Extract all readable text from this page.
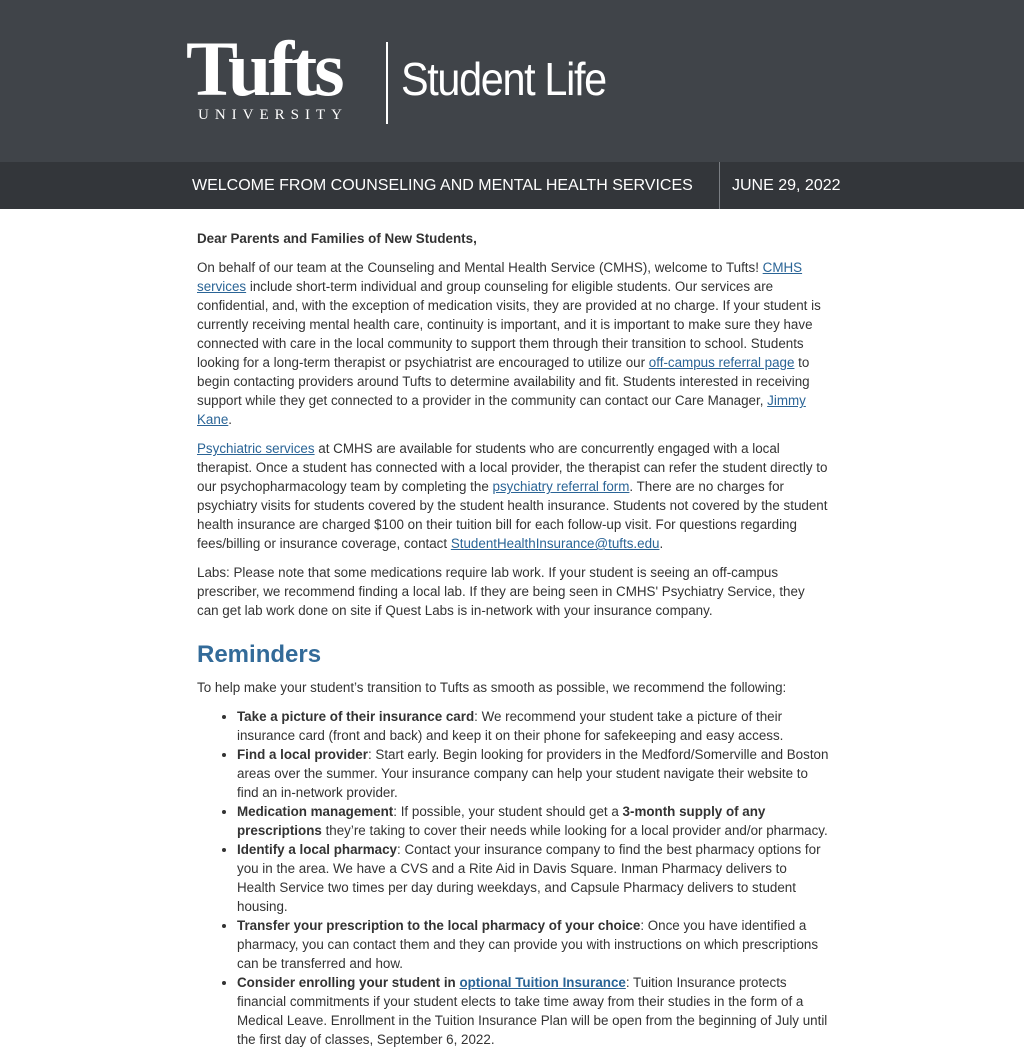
Tufts
UNIVERSITY
Student Life
WELCOME FROM COUNSELING AND MENTAL HEALTH SERVICES JUNE 29, 2022

Dear Parents and Families of New Students,

On behalf of our team at the Counseling and Mental Health Service (CMHS), welcome to Tufts! CMHS services include short-term individual and group counseling for eligible students. Our services are confidential, and, with the exception of medication visits, they are provided at no charge. If your student is currently receiving mental health care, continuity is important, and it is important to make sure they have connected with care in the local community to support them through their transition to school. Students looking for a long-term therapist or psychiatrist are encouraged to utilize our off-campus referral page to begin contacting providers around Tufts to determine availability and fit. Students interested in receiving support while they get connected to a provider in the community can contact our Care Manager, Jimmy Kane.

Psychiatric services at CMHS are available for students who are concurrently engaged with a local therapist. Once a student has connected with a local provider, the therapist can refer the student directly to our psychopharmacology team by completing the psychiatry referral form. There are no charges for psychiatry visits for students covered by the student health insurance. Students not covered by the student health insurance are charged $100 on their tuition bill for each follow-up visit. For questions regarding fees/billing or insurance coverage, contact StudentHealthInsurance@tufts.edu.

Labs: Please note that some medications require lab work. If your student is seeing an off-campus prescriber, we recommend finding a local lab. If they are being seen in CMHS' Psychiatry Service, they can get lab work done on site if Quest Labs is in-network with your insurance company.

Reminders

To help make your student’s transition to Tufts as smooth as possible, we recommend the following:

• Take a picture of their insurance card: We recommend your student take a picture of their insurance card (front and back) and keep it on their phone for safekeeping and easy access.
• Find a local provider: Start early. Begin looking for providers in the Medford/Somerville and Boston areas over the summer. Your insurance company can help your student navigate their website to find an in-network provider.
• Medication management: If possible, your student should get a 3-month supply of any prescriptions they’re taking to cover their needs while looking for a local provider and/or pharmacy.
• Identify a local pharmacy: Contact your insurance company to find the best pharmacy options for you in the area. We have a CVS and a Rite Aid in Davis Square. Inman Pharmacy delivers to Health Service two times per day during weekdays, and Capsule Pharmacy delivers to student housing.
• Transfer your prescription to the local pharmacy of your choice: Once you have identified a pharmacy, you can contact them and they can provide you with instructions on which prescriptions can be transferred and how.
• Consider enrolling your student in optional Tuition Insurance: Tuition Insurance protects financial commitments if your student elects to take time away from their studies in the form of a Medical Leave. Enrollment in the Tuition Insurance Plan will be open from the beginning of July until the first day of classes, September 6, 2022.
